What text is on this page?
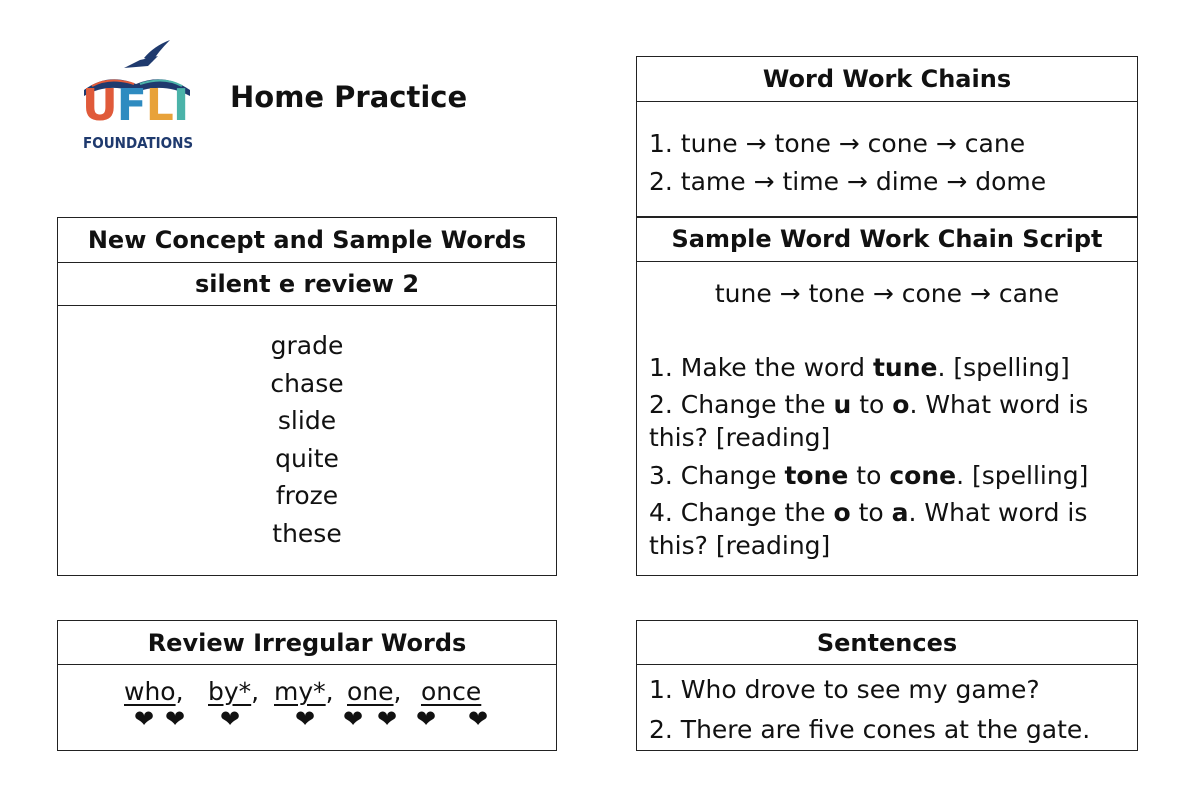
UFLI
FOUNDATIONS
Home Practice
New Concept and Sample Words
silent e review 2
grade
chase
slide
quite
froze
these
Word Work Chains
1. tune → tone → cone → cane
2. tame → time → dime → dome
Sample Word Work Chain Script
tune → tone → cone → cane
1. Make the word tune. [spelling]
2. Change the u to o. What word is
this? [reading]
3. Change tone to cone. [spelling]
4. Change the o to a. What word is
this? [reading]
Review Irregular Words
who, by*, my*, one, once
❤ ❤ ❤ ❤ ❤ ❤ ❤ ❤
Sentences
1. Who drove to see my game?
2. There are five cones at the gate.
